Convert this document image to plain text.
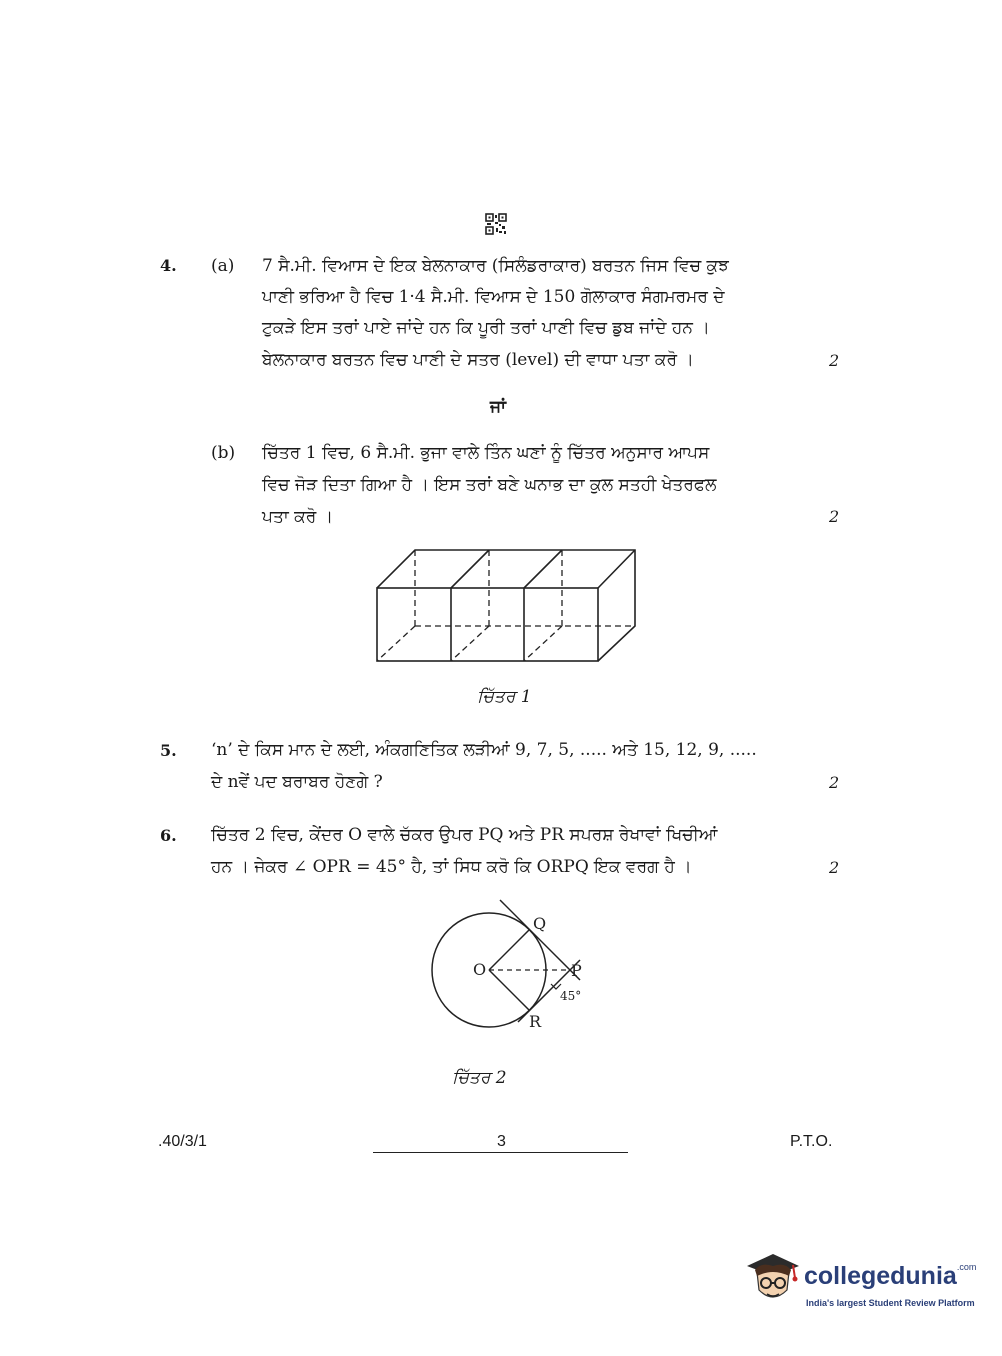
4. (a) 7 ਸੈ.ਮੀ. ਵਿਆਸ ਦੇ ਇਕ ਬੇਲਨਾਕਾਰ (ਸਿਲੰਡਰਾਕਾਰ) ਬਰਤਨ ਜਿਸ ਵਿਚ ਕੁਝ
ਪਾਣੀ ਭਰਿਆ ਹੈ ਵਿਚ 1·4 ਸੈ.ਮੀ. ਵਿਆਸ ਦੇ 150 ਗੋਲਾਕਾਰ ਸੰਗਮਰਮਰ ਦੇ
ਟੁਕੜੇ ਇਸ ਤਰਾਂ ਪਾਏ ਜਾਂਦੇ ਹਨ ਕਿ ਪੂਰੀ ਤਰਾਂ ਪਾਣੀ ਵਿਚ ਡੁਬ ਜਾਂਦੇ ਹਨ ।
ਬੇਲਨਾਕਾਰ ਬਰਤਨ ਵਿਚ ਪਾਣੀ ਦੇ ਸਤਰ (level) ਦੀ ਵਾਧਾ ਪਤਾ ਕਰੋ ।	2
ਜਾਂ
(b) ਚਿੱਤਰ 1 ਵਿਚ, 6 ਸੈ.ਮੀ. ਭੁਜਾ ਵਾਲੇ ਤਿੰਨ ਘਣਾਂ ਨੂੰ ਚਿੱਤਰ ਅਨੁਸਾਰ ਆਪਸ
ਵਿਚ ਜੋੜ ਦਿਤਾ ਗਿਆ ਹੈ । ਇਸ ਤਰਾਂ ਬਣੇ ਘਨਾਭ ਦਾ ਕੁਲ ਸਤਹੀ ਖੇਤਰਫਲ
ਪਤਾ ਕਰੋ ।	2
ਚਿੱਤਰ 1
5. ‘n’ ਦੇ ਕਿਸ ਮਾਨ ਦੇ ਲਈ, ਅੰਕਗਣਿਤਿਕ ਲੜੀਆਂ 9, 7, 5, ..... ਅਤੇ 15, 12, 9, .....
ਦੇ nਵੇਂ ਪਦ ਬਰਾਬਰ ਹੋਣਗੇ ?	2
6. ਚਿੱਤਰ 2 ਵਿਚ, ਕੇਂਦਰ O ਵਾਲੇ ਚੱਕਰ ਉਪਰ PQ ਅਤੇ PR ਸਪਰਸ਼ ਰੇਖਾਵਾਂ ਖਿਚੀਆਂ
ਹਨ । ਜੇਕਰ ∠ OPR = 45° ਹੈ, ਤਾਂ ਸਿਧ ਕਰੋ ਕਿ ORPQ ਇਕ ਵਰਗ ਹੈ ।	2
O	P
Q
R
45°
ਚਿੱਤਰ 2
.40/3/1	3	P.T.O.
collegedunia$^{.com}$
India's largest Student Review Platform
